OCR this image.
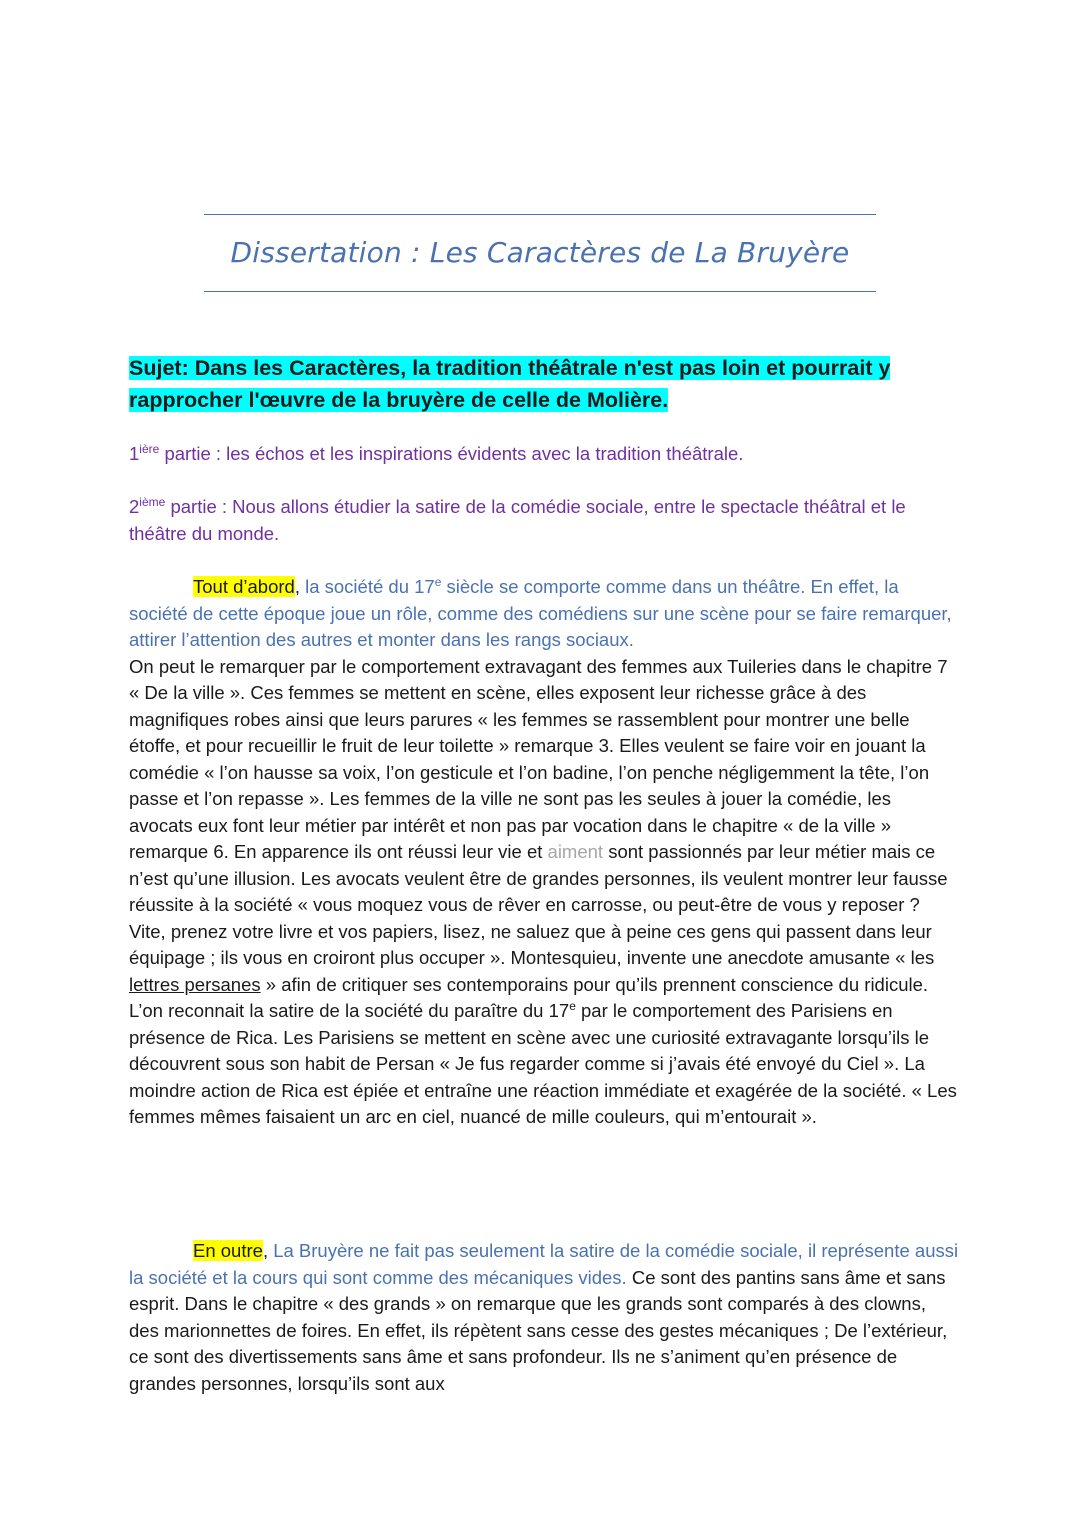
Dissertation : Les Caractères de La Bruyère

Sujet: Dans les Caractères, la tradition théâtrale n'est pas loin et pourrait y rapprocher l'œuvre de la bruyère de celle de Molière.

$1^{ière}$ partie : les échos et les inspirations évidents avec la tradition théâtrale.

2ième partie : Nous allons étudier la satire de la comédie sociale, entre le spectacle théâtral et le théâtre du monde.

Tout d’abord, la société du 17e siècle se comporte comme dans un théâtre. En effet, la société de cette époque joue un rôle, comme des comédiens sur une scène pour se faire remarquer, attirer l’attention des autres et monter dans les rangs sociaux.
On peut le remarquer par le comportement extravagant des femmes aux Tuileries dans le chapitre 7 « De la ville ». Ces femmes se mettent en scène, elles exposent leur richesse grâce à des magnifiques robes ainsi que leurs parures « les femmes se rassemblent pour montrer une belle étoffe, et pour recueillir le fruit de leur toilette » remarque 3. Elles veulent se faire voir en jouant la comédie « l’on hausse sa voix, l’on gesticule et l’on badine, l’on penche négligemment la tête, l’on passe et l’on repasse ». Les femmes de la ville ne sont pas les seules à jouer la comédie, les avocats eux font leur métier par intérêt et non pas par vocation dans le chapitre « de la ville » remarque 6. En apparence ils ont réussi leur vie et aiment sont passionnés par leur métier mais ce n’est qu’une illusion. Les avocats veulent être de grandes personnes, ils veulent montrer leur fausse réussite à la société « vous moquez vous de rêver en carrosse, ou peut-être de vous y reposer ? Vite, prenez votre livre et vos papiers, lisez, ne saluez que à peine ces gens qui passent dans leur équipage ; ils vous en croiront plus occuper ». Montesquieu, invente une anecdote amusante « les lettres persanes » afin de critiquer ses contemporains pour qu’ils prennent conscience du ridicule. L’on reconnait la satire de la société du paraître du 17e par le comportement des Parisiens en présence de Rica. Les Parisiens se mettent en scène avec une curiosité extravagante lorsqu’ils le découvrent sous son habit de Persan « Je fus regarder comme si j’avais été envoyé du Ciel ». La moindre action de Rica est épiée et entraîne une réaction immédiate et exagérée de la société. « Les femmes mêmes faisaient un arc en ciel, nuancé de mille couleurs, qui m’entourait ».

En outre, La Bruyère ne fait pas seulement la satire de la comédie sociale, il représente aussi la société et la cours qui sont comme des mécaniques vides. Ce sont des pantins sans âme et sans esprit. Dans le chapitre « des grands » on remarque que les grands sont comparés à des clowns, des marionnettes de foires. En effet, ils répètent sans cesse des gestes mécaniques ; De l’extérieur, ce sont des divertissements sans âme et sans profondeur. Ils ne s’animent qu’en présence de grandes personnes, lorsqu’ils sont aux
